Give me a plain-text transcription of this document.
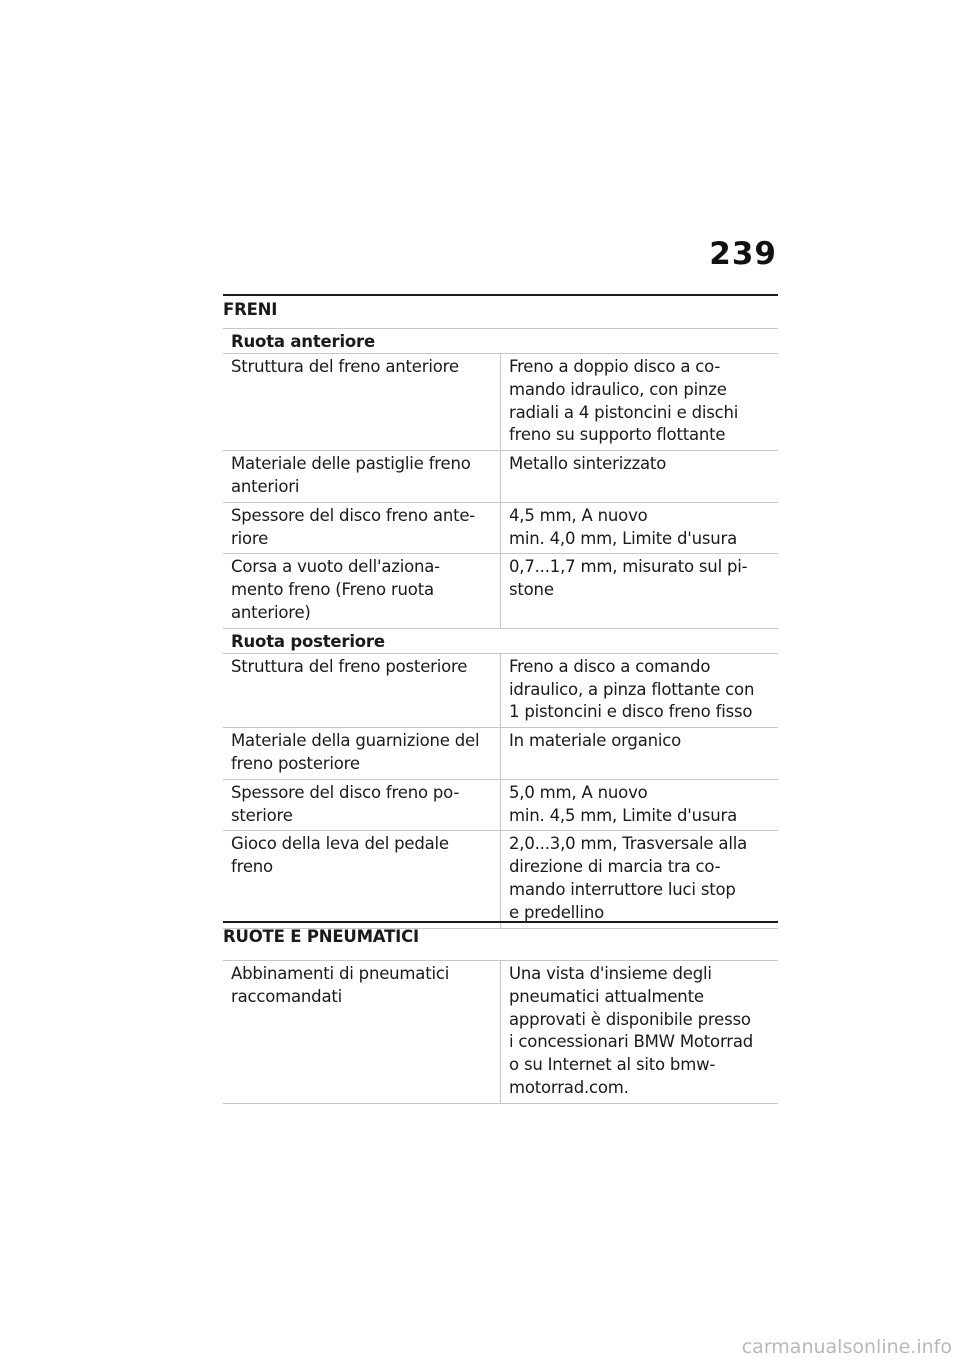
239
FRENI
Ruota anteriore
Struttura del freno anteriore	Freno a doppio disco a co-
mando idraulico, con pinze
radiali a 4 pistoncini e dischi
freno su supporto flottante
Materiale delle pastiglie freno
anteriori
Metallo sinterizzato
Spessore del disco freno ante-
riore
4,5 mm, A nuovo
min. 4,0 mm, Limite d'usura
Corsa a vuoto dell'aziona-
mento freno (Freno ruota
anteriore)
0,7...1,7 mm, misurato sul pi-
stone
Ruota posteriore
Struttura del freno posteriore	Freno a disco a comando
idraulico, a pinza flottante con
1 pistoncini e disco freno fisso
Materiale della guarnizione del
freno posteriore
In materiale organico
Spessore del disco freno po-
steriore
5,0 mm, A nuovo
min. 4,5 mm, Limite d'usura
Gioco della leva del pedale
freno
2,0...3,0 mm, Trasversale alla
direzione di marcia tra co-
mando interruttore luci stop
e predellino
RUOTE E PNEUMATICI
Abbinamenti di pneumatici
raccomandati
Una vista d'insieme degli
pneumatici attualmente
approvati è disponibile presso
i concessionari BMW Motorrad
o su Internet al sito bmw-
motorrad.com.
carmanualsonline.info
